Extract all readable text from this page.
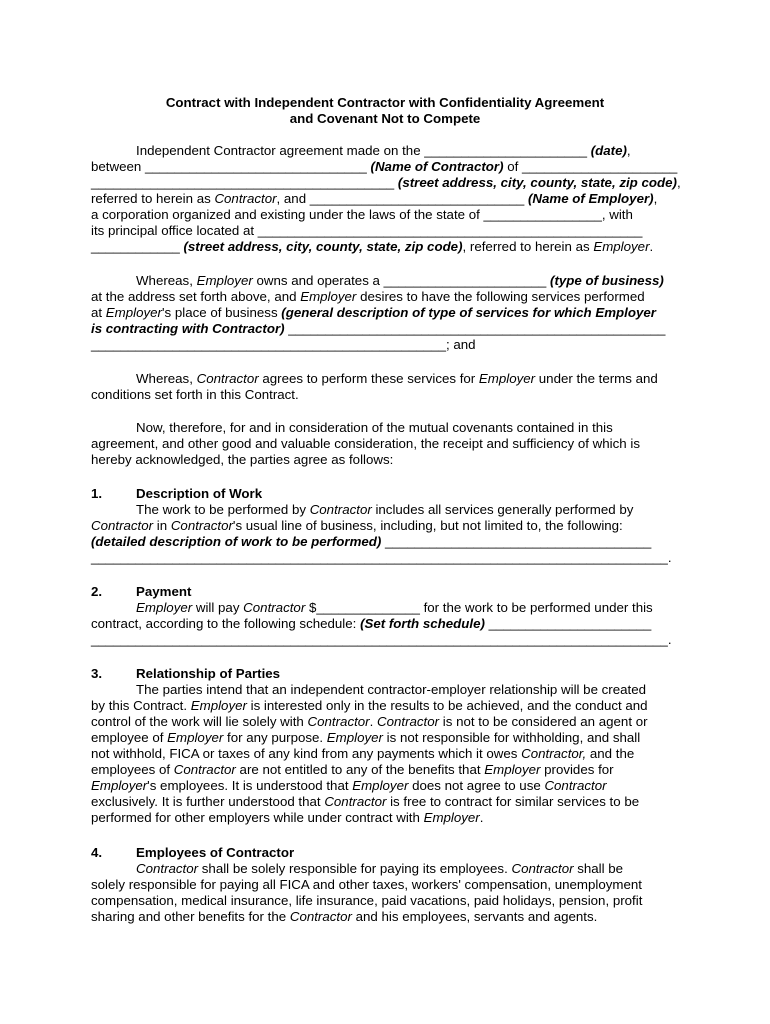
Contract with Independent Contractor with Confidentiality Agreement
and Covenant Not to Compete
Independent Contractor agreement made on the ______________________ (date),
between ______________________________ (Name of Contractor) of _____________________
_________________________________________ (street address, city, county, state, zip code),
referred to herein as Contractor, and _____________________________ (Name of Employer),
a corporation organized and existing under the laws of the state of ________________, with
its principal office located at ____________________________________________________
____________ (street address, city, county, state, zip code), referred to herein as Employer.
Whereas, Employer owns and operates a ______________________ (type of business)
at the address set forth above, and Employer desires to have the following services performed
at Employer's place of business (general description of type of services for which Employer
is contracting with Contractor) ___________________________________________________
________________________________________________; and
Whereas, Contractor agrees to perform these services for Employer under the terms and
conditions set forth in this Contract.
Now, therefore, for and in consideration of the mutual covenants contained in this
agreement, and other good and valuable consideration, the receipt and sufficiency of which is
hereby acknowledged, the parties agree as follows:
1.	Description of Work
The work to be performed by Contractor includes all services generally performed by
Contractor in Contractor's usual line of business, including, but not limited to, the following:
(detailed description of work to be performed) ____________________________________
______________________________________________________________________________.
2.	Payment
Employer will pay Contractor $______________ for the work to be performed under this
contract, according to the following schedule: (Set forth schedule) ______________________
______________________________________________________________________________.
3.	Relationship of Parties
The parties intend that an independent contractor-employer relationship will be created
by this Contract. Employer is interested only in the results to be achieved, and the conduct and
control of the work will lie solely with Contractor. Contractor is not to be considered an agent or
employee of Employer for any purpose. Employer is not responsible for withholding, and shall
not withhold, FICA or taxes of any kind from any payments which it owes Contractor, and the
employees of Contractor are not entitled to any of the benefits that Employer provides for
Employer's employees. It is understood that Employer does not agree to use Contractor
exclusively. It is further understood that Contractor is free to contract for similar services to be
performed for other employers while under contract with Employer.
4.	Employees of Contractor
Contractor shall be solely responsible for paying its employees. Contractor shall be
solely responsible for paying all FICA and other taxes, workers' compensation, unemployment
compensation, medical insurance, life insurance, paid vacations, paid holidays, pension, profit
sharing and other benefits for the Contractor and his employees, servants and agents.
